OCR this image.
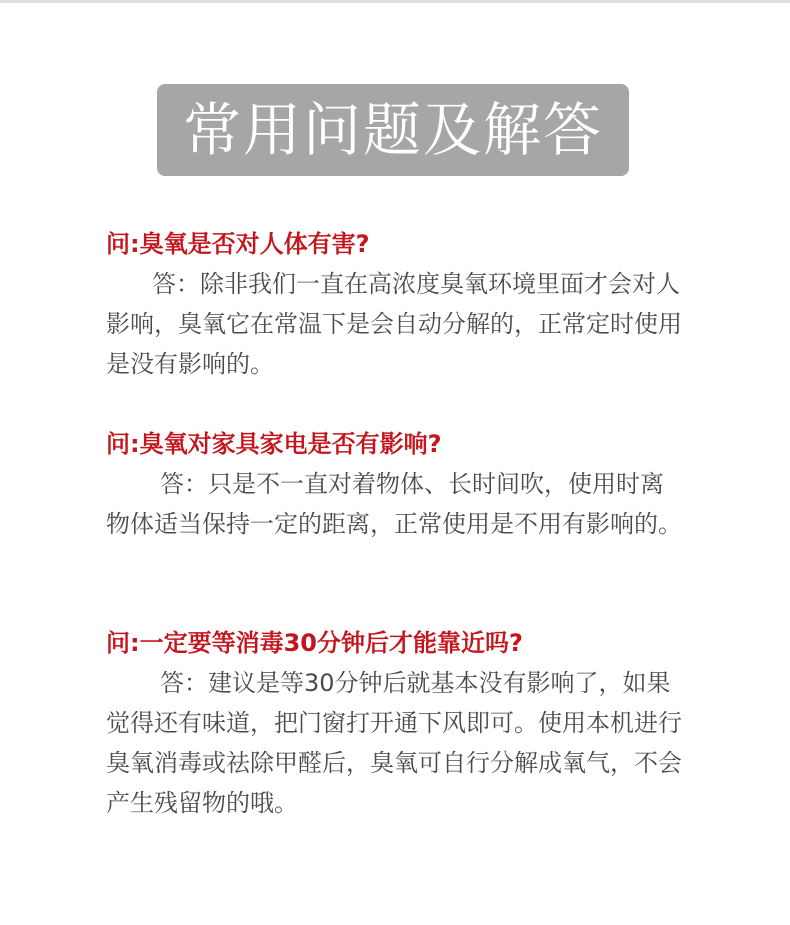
常用问题及解答
问:臭氧是否对人体有害?

答：除非我们一直在高浓度臭氧环境里面才会对人影响，臭氧它在常温下是会自动分解的，正常定时使用是没有影响的。

问:臭氧对家具家电是否有影响?

答：只是不一直对着物体、长时间吹，使用时离物体适当保持一定的距离，正常使用是不用有影响的。

问:一定要等消毒30分钟后才能靠近吗?

答：建议是等30分钟后就基本没有影响了，如果觉得还有味道，把门窗打开通下风即可。使用本机进行臭氧消毒或祛除甲醛后，臭氧可自行分解成氧气，不会产生残留物的哦。
